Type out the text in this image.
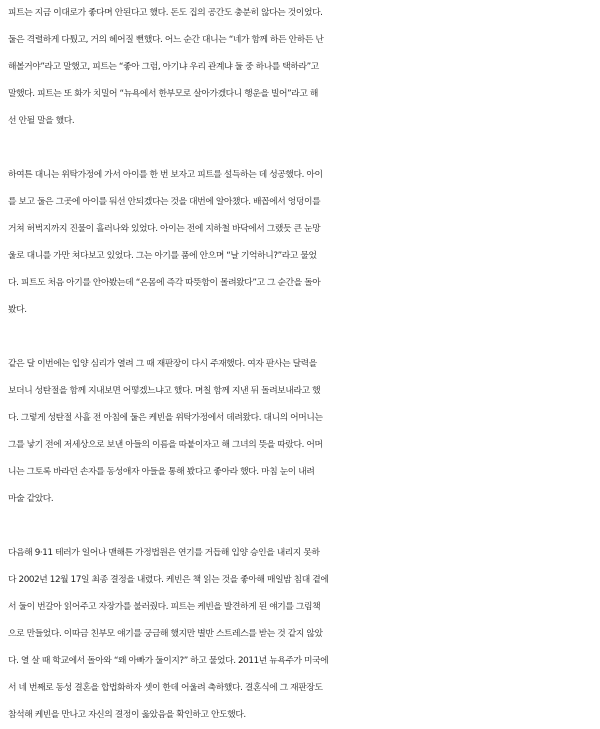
피트는 지금 이대로가 좋다며 안된다고 했다. 돈도 집의 공간도 충분히 않다는 것이었다.
둘은 격렬하게 다퉜고, 거의 헤어질 뻔했다. 어느 순간 대니는 “네가 함께 하든 안하든 난
해볼거야”라고 말했고, 피트는 “좋아 그럼, 아기냐 우리 관계냐 둘 중 하나를 택하라”고
말했다. 피트는 또 화가 치밀어 “뉴욕에서 한부모로 살아가겠다니 행운을 빌어”라고 해
선 안될 말을 했다.
하여튼 대니는 위탁가정에 가서 아이를 한 번 보자고 피트를 설득하는 데 성공했다. 아이
를 보고 둘은 그곳에 아이를 둬선 안되겠다는 것을 대번에 알아챘다. 배꼽에서 엉덩이를
거쳐 허벅지까지 진물이 흘러나와 있었다. 아이는 전에 지하철 바닥에서 그랬듯 큰 눈망
울로 대니를 가만 쳐다보고 있었다. 그는 아기를 품에 안으며 “날 기억하니?”라고 물었
다. 피트도 처음 아기를 안아봤는데 “온몸에 즉각 따뜻함이 몰려왔다”고 그 순간을 돌아
봤다.
같은 달 이번에는 입양 심리가 열려 그 때 재판장이 다시 주재했다. 여자 판사는 달력을
보더니 성탄절을 함께 지내보면 어떻겠느냐고 했다. 며칠 함께 지낸 뒤 돌려보내라고 했
다. 그렇게 성탄절 사흘 전 아침에 둘은 케빈을 위탁가정에서 데려왔다. 대니의 어머니는
그를 낳기 전에 저세상으로 보낸 아들의 이름을 따붙이자고 해 그녀의 뜻을 따랐다. 어머
니는 그토록 바라던 손자를 동성애자 아들을 통해 봤다고 좋아라 했다. 마침 눈이 내려
마술 같았다.
다음해 9·11 테러가 일어나 맨해튼 가정법원은 연기를 거듭해 입양 승인을 내리지 못하
다 2002년 12월 17일 최종 결정을 내렸다. 케빈은 책 읽는 것을 좋아해 매일밤 침대 곁에
서 둘이 번갈아 읽어주고 자장가를 불러줬다. 피트는 케빈을 발견하게 된 얘기를 그림책
으로 만들었다. 이따금 친부모 얘기를 궁금해 했지만 별반 스트레스를 받는 것 같지 않았
다. 열 살 때 학교에서 돌아와 “왜 아빠가 둘이지?” 하고 물었다. 2011년 뉴욕주가 미국에
서 네 번째로 동성 결혼을 합법화하자 셋이 한데 어울려 축하했다. 결혼식에 그 재판장도
참석해 케빈을 만나고 자신의 결정이 옳았음을 확인하고 안도했다.
